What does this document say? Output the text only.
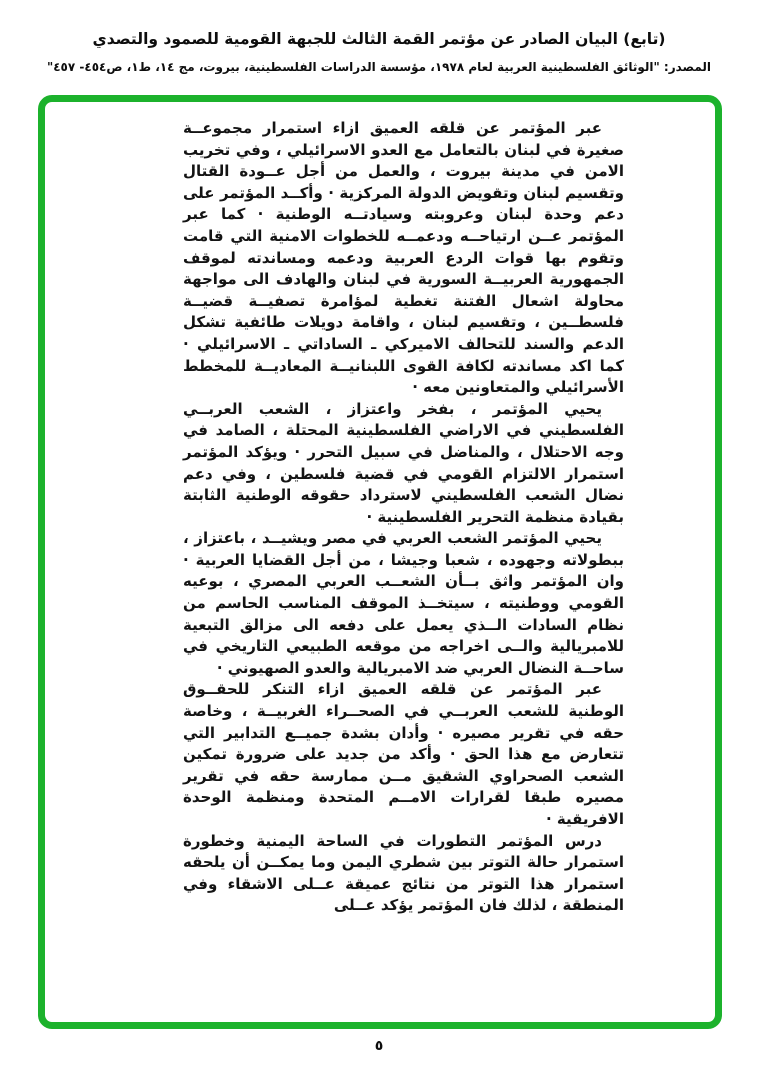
(تابع) البيان الصادر عن مؤتمر القمة الثالث للجبهة القومية للصمود والتصدي
المصدر: "الوثائق الفلسطينية العربية لعام ١٩٧٨، مؤسسة الدراسات الفلسطينية، بيروت، مج ١٤، ط١، ص٤٥٤- ٤٥٧"

عبر المؤتمر عن قلقه العميق ازاء استمرار مجموعــة صغيرة في لبنان بالتعامل مع العدو الاسرائيلي ، وفي تخريب الامن في مدينة بيروت ، والعمل من أجل عــودة القتال وتقسيم لبنان وتقويض الدولة المركزية · وأكــد المؤتمر على دعم وحدة لبنان وعروبته وسيادتــه الوطنية · كما عبر المؤتمر عــن ارتياحــه ودعمــه للخطوات الامنية التي قامت وتقوم بها قوات الردع العربية ودعمه ومساندته لموقف الجمهورية العربيــة السورية في لبنان والهادف الى مواجهة محاولة اشعال الفتنة تغطية لمؤامرة تصفيــة قضيــة فلسطــين ، وتقسيم لبنان ، واقامة دويلات طائفية تشكل الدعم والسند للتحالف الاميركي ـ الساداتي ـ الاسرائيلي · كما اكد مساندته لكافة القوى اللبنانيــة المعاديــة للمخطط الأسرائيلي والمتعاونين معه ·

يحيي المؤتمر ، بفخر واعتزاز ، الشعب العربــي الفلسطيني في الاراضي الفلسطينية المحتلة ، الصامد في وجه الاحتلال ، والمناضل في سبيل التحرر · ويؤكد المؤتمر استمرار الالتزام القومي في قضية فلسطين ، وفي دعم نضال الشعب الفلسطيني لاسترداد حقوقه الوطنية الثابتة بقيادة منظمة التحرير الفلسطينية ·

يحيي المؤتمر الشعب العربي في مصر ويشيــد ، باعتزاز ، ببطولاته وجهوده ، شعبا وجيشا ، من أجل القضايا العربية · وان المؤتمر واثق بــأن الشعــب العربي المصري ، بوعيه القومي ووطنيته ، سيتخــذ الموقف المناسب الحاسم من نظام السادات الــذي يعمل على دفعه الى مزالق التبعية للامبريالية والــى اخراجه من موقعه الطبيعي التاريخي في ساحــة النضال العربي ضد الامبريالية والعدو الصهيوني ·

عبر المؤتمر عن قلقه العميق ازاء التنكر للحقــوق الوطنية للشعب العربــي في الصحــراء الغربيــة ، وخاصة حقه في تقرير مصيره · وأدان بشدة جميــع التدابير التي تتعارض مع هذا الحق · وأكد من جديد على ضرورة تمكين الشعب الصحراوي الشقيق مــن ممارسة حقه في تقرير مصيره طبقا لقرارات الامــم المتحدة ومنظمة الوحدة الافريقية ·

درس المؤتمر التطورات في الساحة اليمنية وخطورة استمرار حالة التوتر بين شطري اليمن وما يمكــن أن يلحقه استمرار هذا التوتر من نتائج عميقة عــلى الاشقاء وفي المنطقة ، لذلك فان المؤتمر يؤكد عــلى

٥
